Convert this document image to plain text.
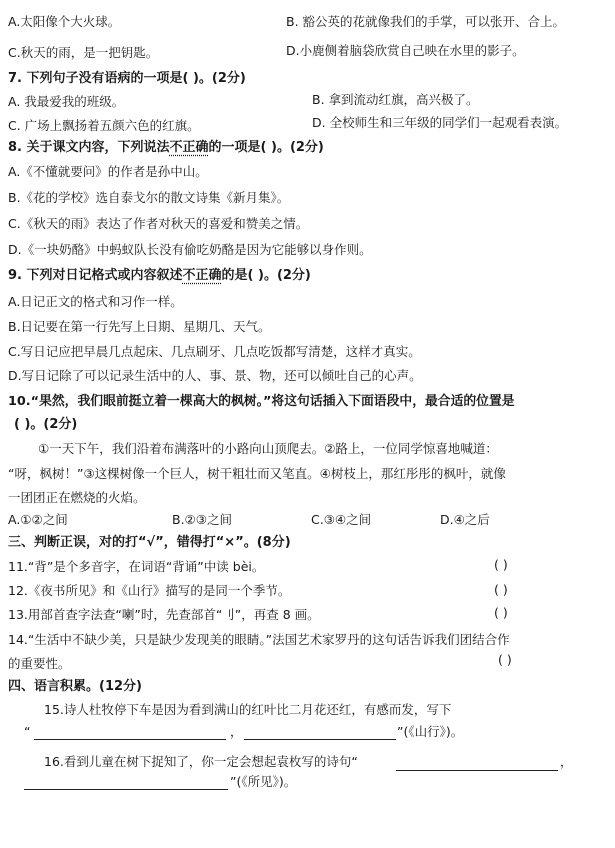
A.太阳像个大火球。	B. 豁公英的花就像我们的手掌，可以张开、合上。
C.秋天的雨，是一把钥匙。	D.小鹿侧着脑袋欣赏自己映在水里的影子。
7. 下列句子没有语病的一项是( )。(2分)
A. 我最爱我的班级。	B. 拿到流动红旗，高兴极了。
C. 广场上飘扬着五颜六色的红旗。	D. 全校师生和三年级的同学们一起观看表演。
8. 关于课文内容，下列说法不正确的一项是( )。(2分)
A.《不懂就要问》的作者是孙中山。
B.《花的学校》选自泰戈尔的散文诗集《新月集》。
C.《秋天的雨》表达了作者对秋天的喜爱和赞美之情。
D.《一块奶酪》中蚂蚁队长没有偷吃奶酪是因为它能够以身作则。
9. 下列对日记格式或内容叙述不正确的是( )。(2分)
A.日记正文的格式和习作一样。
B.日记要在第一行先写上日期、星期几、天气。
C.写日记应把早晨几点起床、几点刷牙、几点吃饭都写清楚，这样才真实。
D.写日记除了可以记录生活中的人、事、景、物，还可以倾吐自己的心声。
10.“果然，我们眼前挺立着一棵高大的枫树。”将这句话插入下面语段中，最合适的位置是
( )。(2分)
①一天下午，我们沿着布满落叶的小路向山顶爬去。②路上，一位同学惊喜地喊道：
“呀，枫树！”③这棵树像一个巨人，树干粗壮而又笔直。④树枝上，那红彤彤的枫叶，就像
一团团正在燃烧的火焰。
A.①②之间	B.②③之间	C.③④之间	D.④之后
三、判断正误，对的打“√”，错得打“×”。(8分)
11.“背”是个多音字，在词语“背诵”中读 bèi。	( )
12.《夜书所见》和《山行》描写的是同一个季节。	( )
13.用部首查字法查“喇”时，先查部首“刂”，再查 8 画。	( )
14.“生活中不缺少美，只是缺少发现美的眼睛。”法国艺术家罗丹的这句话告诉我们团结合作
的重要性。	( )
四、语言积累。(12分)
15.诗人杜牧停下车是因为看到满山的红叶比二月花还红，有感而发，写下
“	，	”(《山行》)。
16.看到儿童在树下捉知了，你一定会想起袁枚写的诗句“	，
”(《所见》)。
